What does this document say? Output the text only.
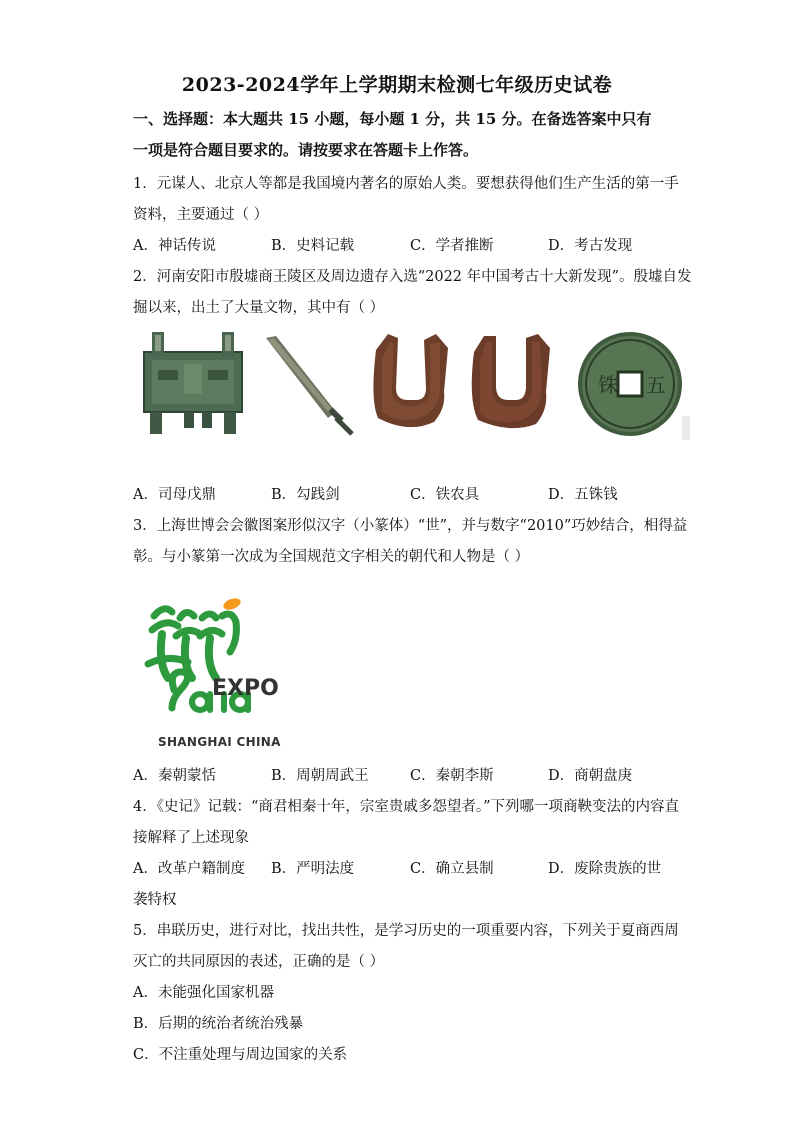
2023-2024学年上学期期末检测七年级历史试卷
一、选择题：本大题共 15 小题，每小题 1 分，共 15 分。在备选答案中只有
一项是符合题目要求的。请按要求在答题卡上作答。
1．元谋人、北京人等都是我国境内著名的原始人类。要想获得他们生产生活的第一手
资料，主要通过（ ）
A．神话传说	B．史料记载	C．学者推断	D．考古发现
2．河南安阳市殷墟商王陵区及周边遗存入选“2022 年中国考古十大新发现”。殷墟自发
掘以来，出土了大量文物，其中有（ ）
铢 五
A．司母戊鼎	B．勾践剑	C．铁农具	D．五铢钱
3．上海世博会会徽图案形似汉字（小篆体）“世”，并与数字“2010”巧妙结合，相得益
彰。与小篆第一次成为全国规范文字相关的朝代和人物是（ ）
EXPO
SHANGHAI CHINA
A．秦朝蒙恬	B．周朝周武王	C．秦朝李斯	D．商朝盘庚
4．《史记》记载：“商君相秦十年，宗室贵戚多怨望者。”下列哪一项商鞅变法的内容直
接解释了上述现象
A．改革户籍制度 B．严明法度	C．确立县制	D．废除贵族的世
袭特权
5．串联历史，进行对比，找出共性，是学习历史的一项重要内容，下列关于夏商西周
灭亡的共同原因的表述，正确的是（ ）
A．未能强化国家机器
B．后期的统治者统治残暴
C．不注重处理与周边国家的关系
